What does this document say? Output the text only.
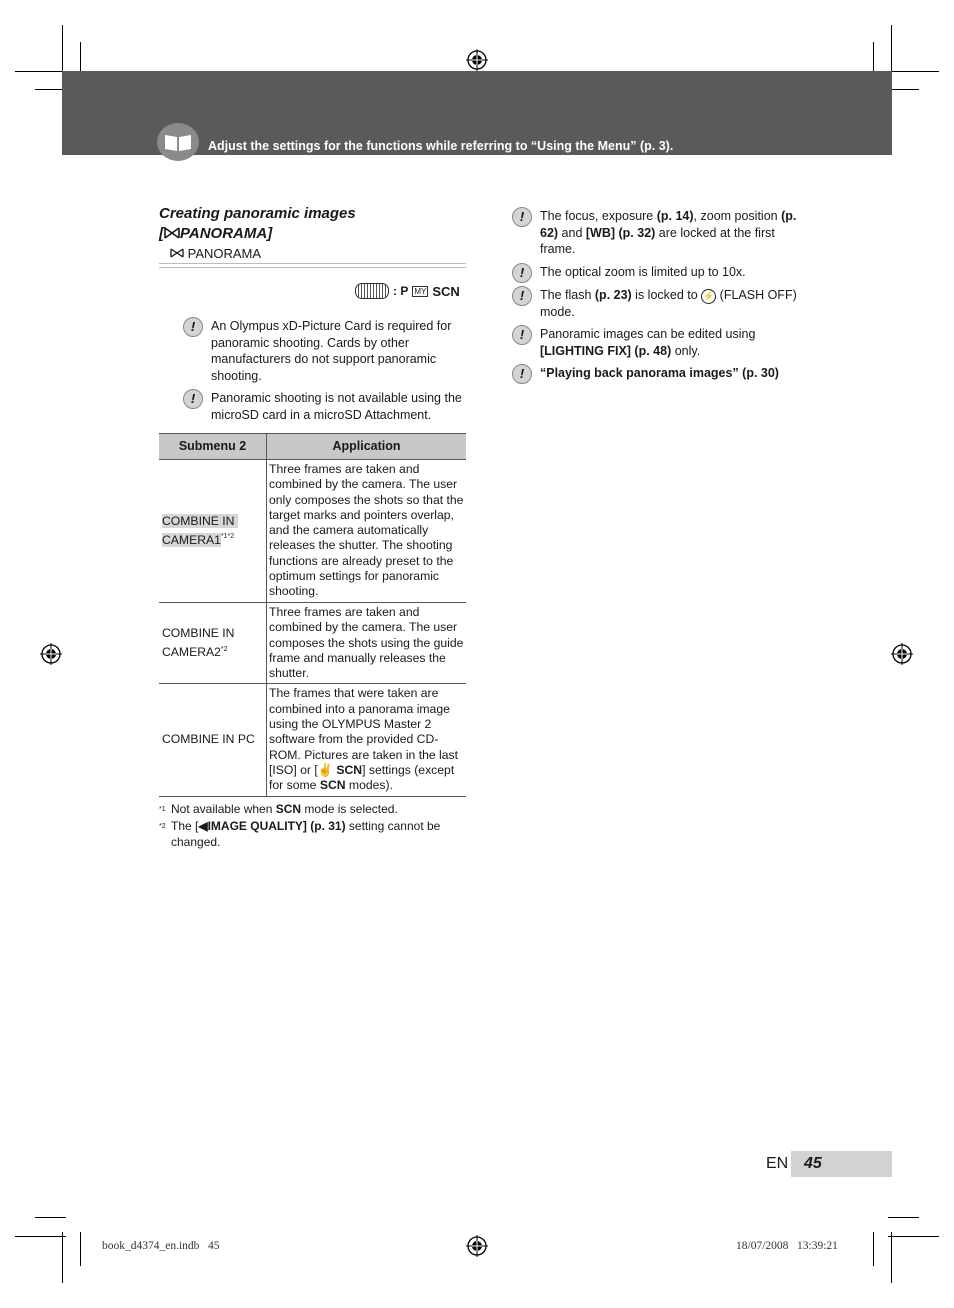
Adjust the settings for the functions while referring to “Using the Menu” (p. 3).
Creating panoramic images
[ PANORAMA]
PANORAMA
: P MY SCN
!	An Olympus xD-Picture Card is required for panoramic shooting. Cards by other manufacturers do not support panoramic shooting.
!	Panoramic shooting is not available using the microSD card in a microSD Attachment.
Submenu 2	Application
COMBINE IN
$CAMERA1^{*1*2}$	Three frames are taken and combined by the camera. The user only composes the shots so that the target marks and pointers overlap, and the camera automatically releases the shutter. The shooting functions are already preset to the optimum settings for panoramic shooting.
COMBINE IN
CAMERA2$^{*2}$	Three frames are taken and combined by the camera. The user composes the shots using the guide frame and manually releases the shutter.
COMBINE IN PC	The frames that were taken are combined into a panorama image using the OLYMPUS Master 2 software from the provided CD-ROM. Pictures are taken in the last [ISO] or [✌ SCN] settings (except for some SCN modes).
*1 Not available when SCN mode is selected.
*2 The [◀IMAGE QUALITY] (p. 31) setting cannot be changed.
!	The focus, exposure (p. 14), zoom position (p. 62) and [WB] (p. 32) are locked at the first frame.
!	The optical zoom is limited up to 10x.
!	The flash (p. 23) is locked to ⚡ (FLASH OFF) mode.
!	Panoramic images can be edited using [LIGHTING FIX] (p. 48) only.
!	“Playing back panorama images” (p. 30)
EN 45
book_d4374_en.indb   45	18/07/2008   13:39:21
